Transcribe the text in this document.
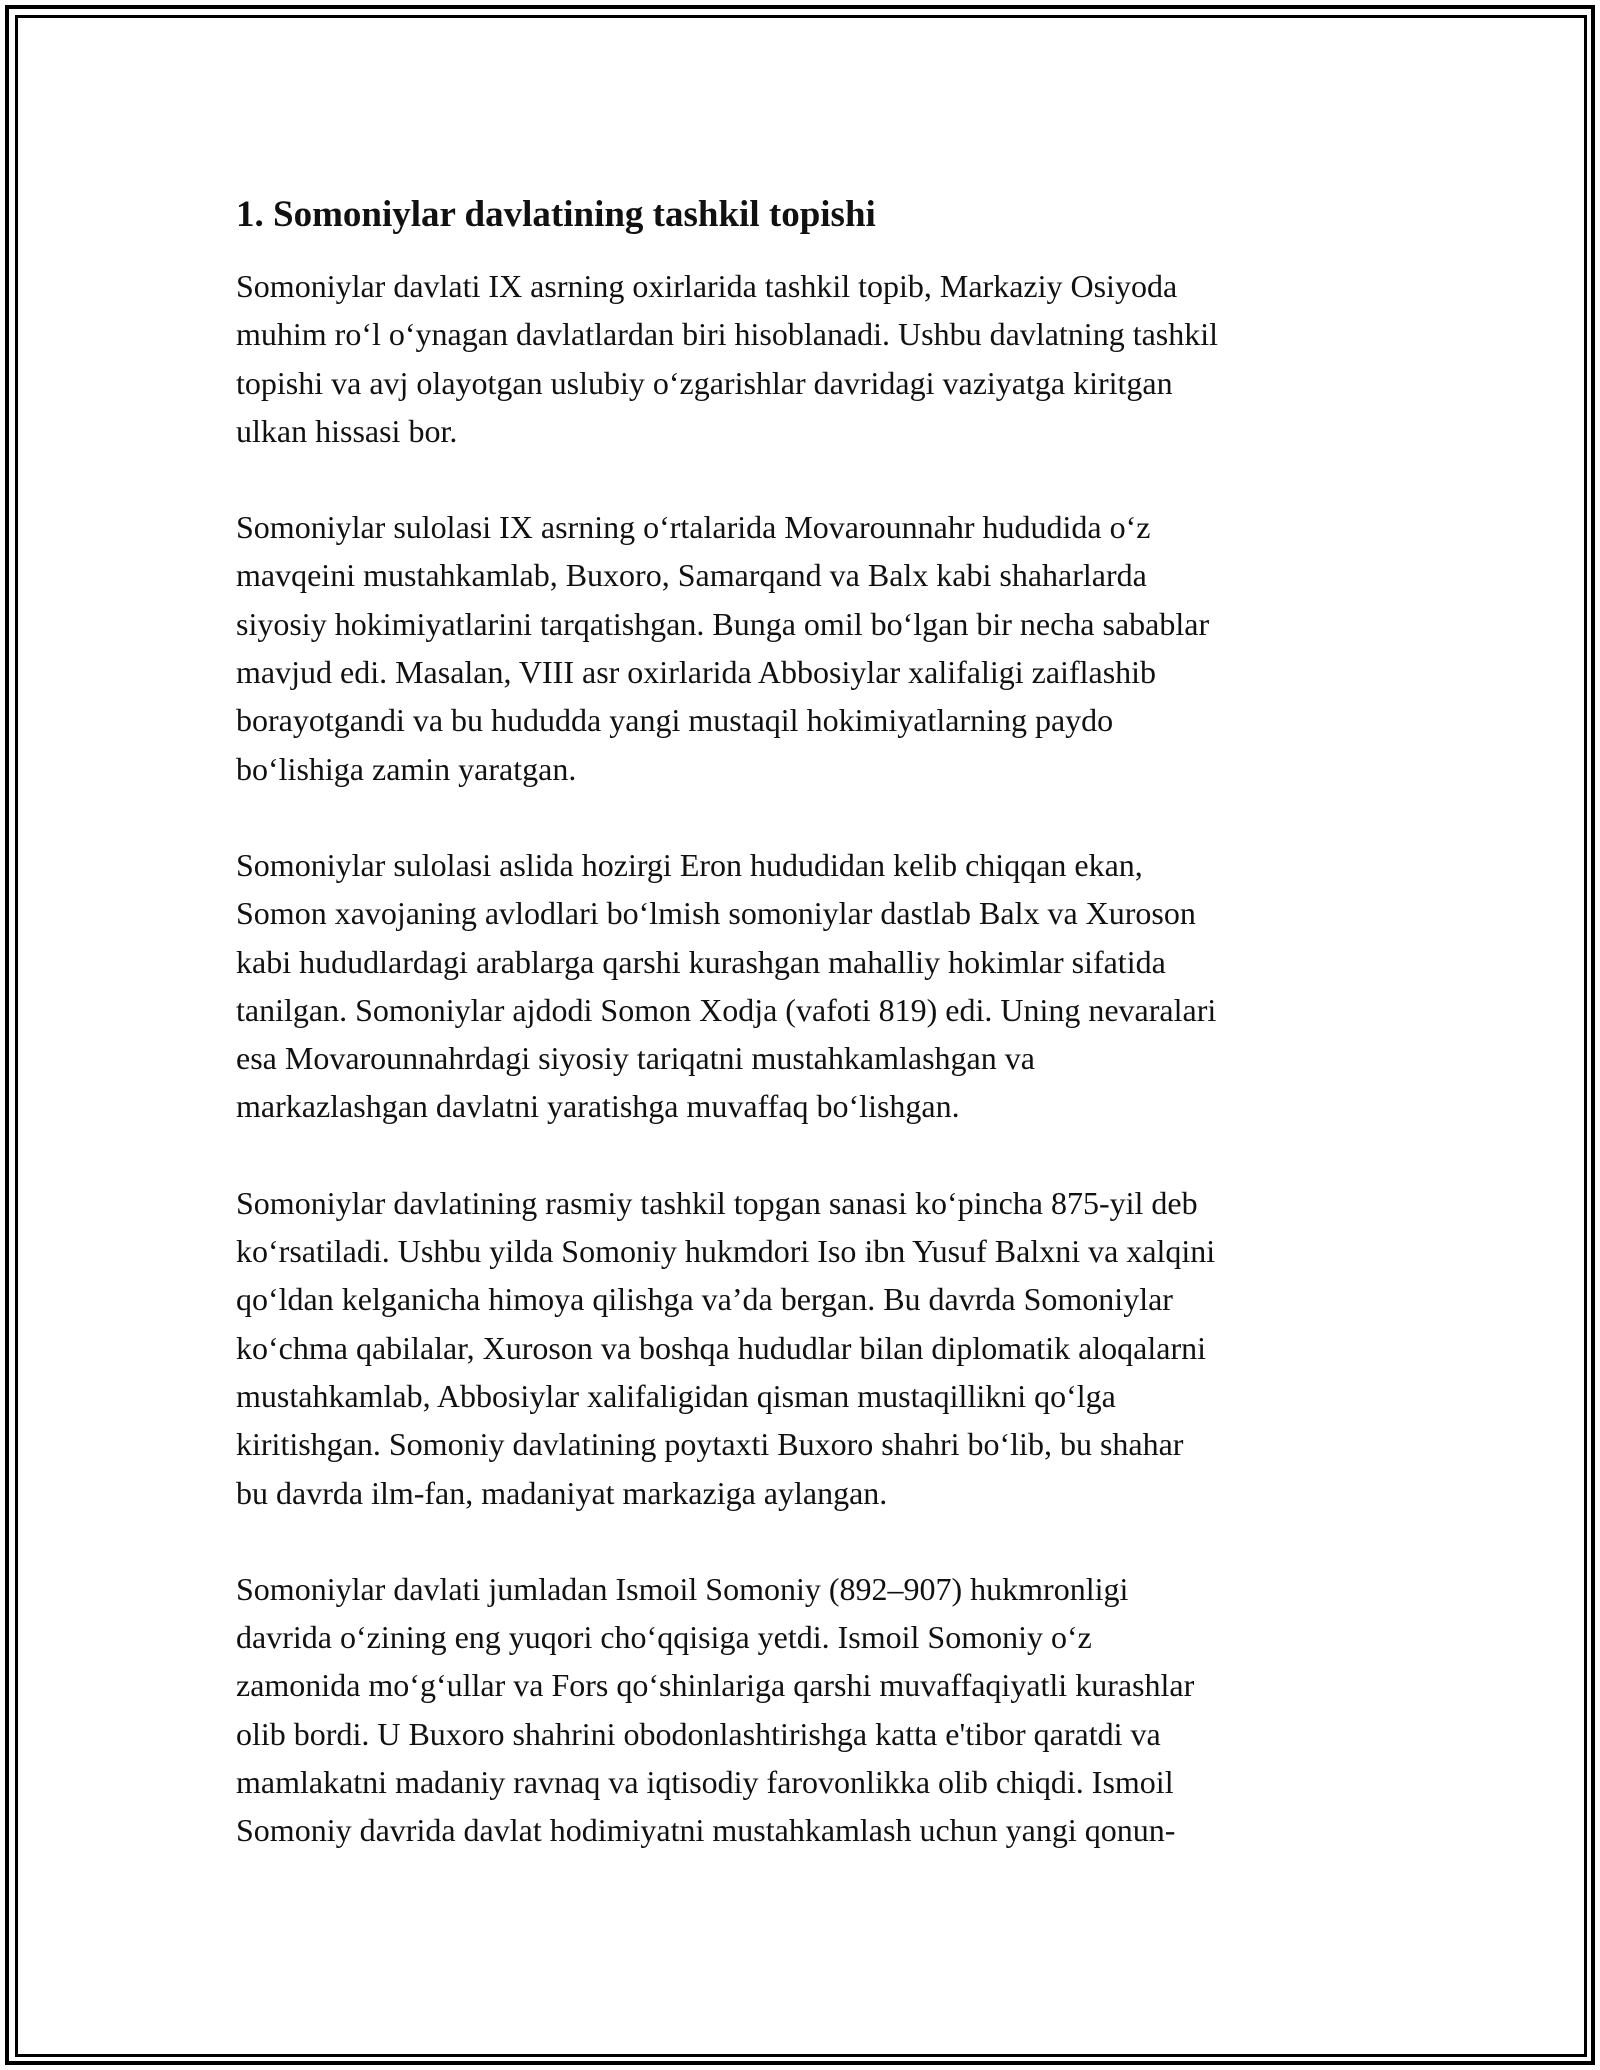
1. Somoniylar davlatining tashkil topishi

Somoniylar davlati IX asrning oxirlarida tashkil topib, Markaziy Osiyoda
muhim roʻl oʻynagan davlatlardan biri hisoblanadi. Ushbu davlatning tashkil
topishi va avj olayotgan uslubiy oʻzgarishlar davridagi vaziyatga kiritgan
ulkan hissasi bor.

Somoniylar sulolasi IX asrning oʻrtalarida Movarounnahr hududida oʻz
mavqeini mustahkamlab, Buxoro, Samarqand va Balx kabi shaharlarda
siyosiy hokimiyatlarini tarqatishgan. Bunga omil boʻlgan bir necha sabablar
mavjud edi. Masalan, VIII asr oxirlarida Abbosiylar xalifaligi zaiflashib
borayotgandi va bu hududda yangi mustaqil hokimiyatlarning paydo
boʻlishiga zamin yaratgan.

Somoniylar sulolasi aslida hozirgi Eron hududidan kelib chiqqan ekan,
Somon xavojaning avlodlari boʻlmish somoniylar dastlab Balx va Xuroson
kabi hududlardagi arablarga qarshi kurashgan mahalliy hokimlar sifatida
tanilgan. Somoniylar ajdodi Somon Xodja (vafoti 819) edi. Uning nevaralari
esa Movarounnahrdagi siyosiy tariqatni mustahkamlashgan va
markazlashgan davlatni yaratishga muvaffaq boʻlishgan.

Somoniylar davlatining rasmiy tashkil topgan sanasi koʻpincha 875-yil deb
koʻrsatiladi. Ushbu yilda Somoniy hukmdori Iso ibn Yusuf Balxni va xalqini
qoʻldan kelganicha himoya qilishga va’da bergan. Bu davrda Somoniylar
koʻchma qabilalar, Xuroson va boshqa hududlar bilan diplomatik aloqalarni
mustahkamlab, Abbosiylar xalifaligidan qisman mustaqillikni qoʻlga
kiritishgan. Somoniy davlatining poytaxti Buxoro shahri boʻlib, bu shahar
bu davrda ilm-fan, madaniyat markaziga aylangan.

Somoniylar davlati jumladan Ismoil Somoniy (892–907) hukmronligi
davrida oʻzining eng yuqori choʻqqisiga yetdi. Ismoil Somoniy oʻz
zamonida moʻgʻullar va Fors qoʻshinlariga qarshi muvaffaqiyatli kurashlar
olib bordi. U Buxoro shahrini obodonlashtirishga katta e'tibor qaratdi va
mamlakatni madaniy ravnaq va iqtisodiy farovonlikka olib chiqdi. Ismoil
Somoniy davrida davlat hodimiyatni mustahkamlash uchun yangi qonun-
